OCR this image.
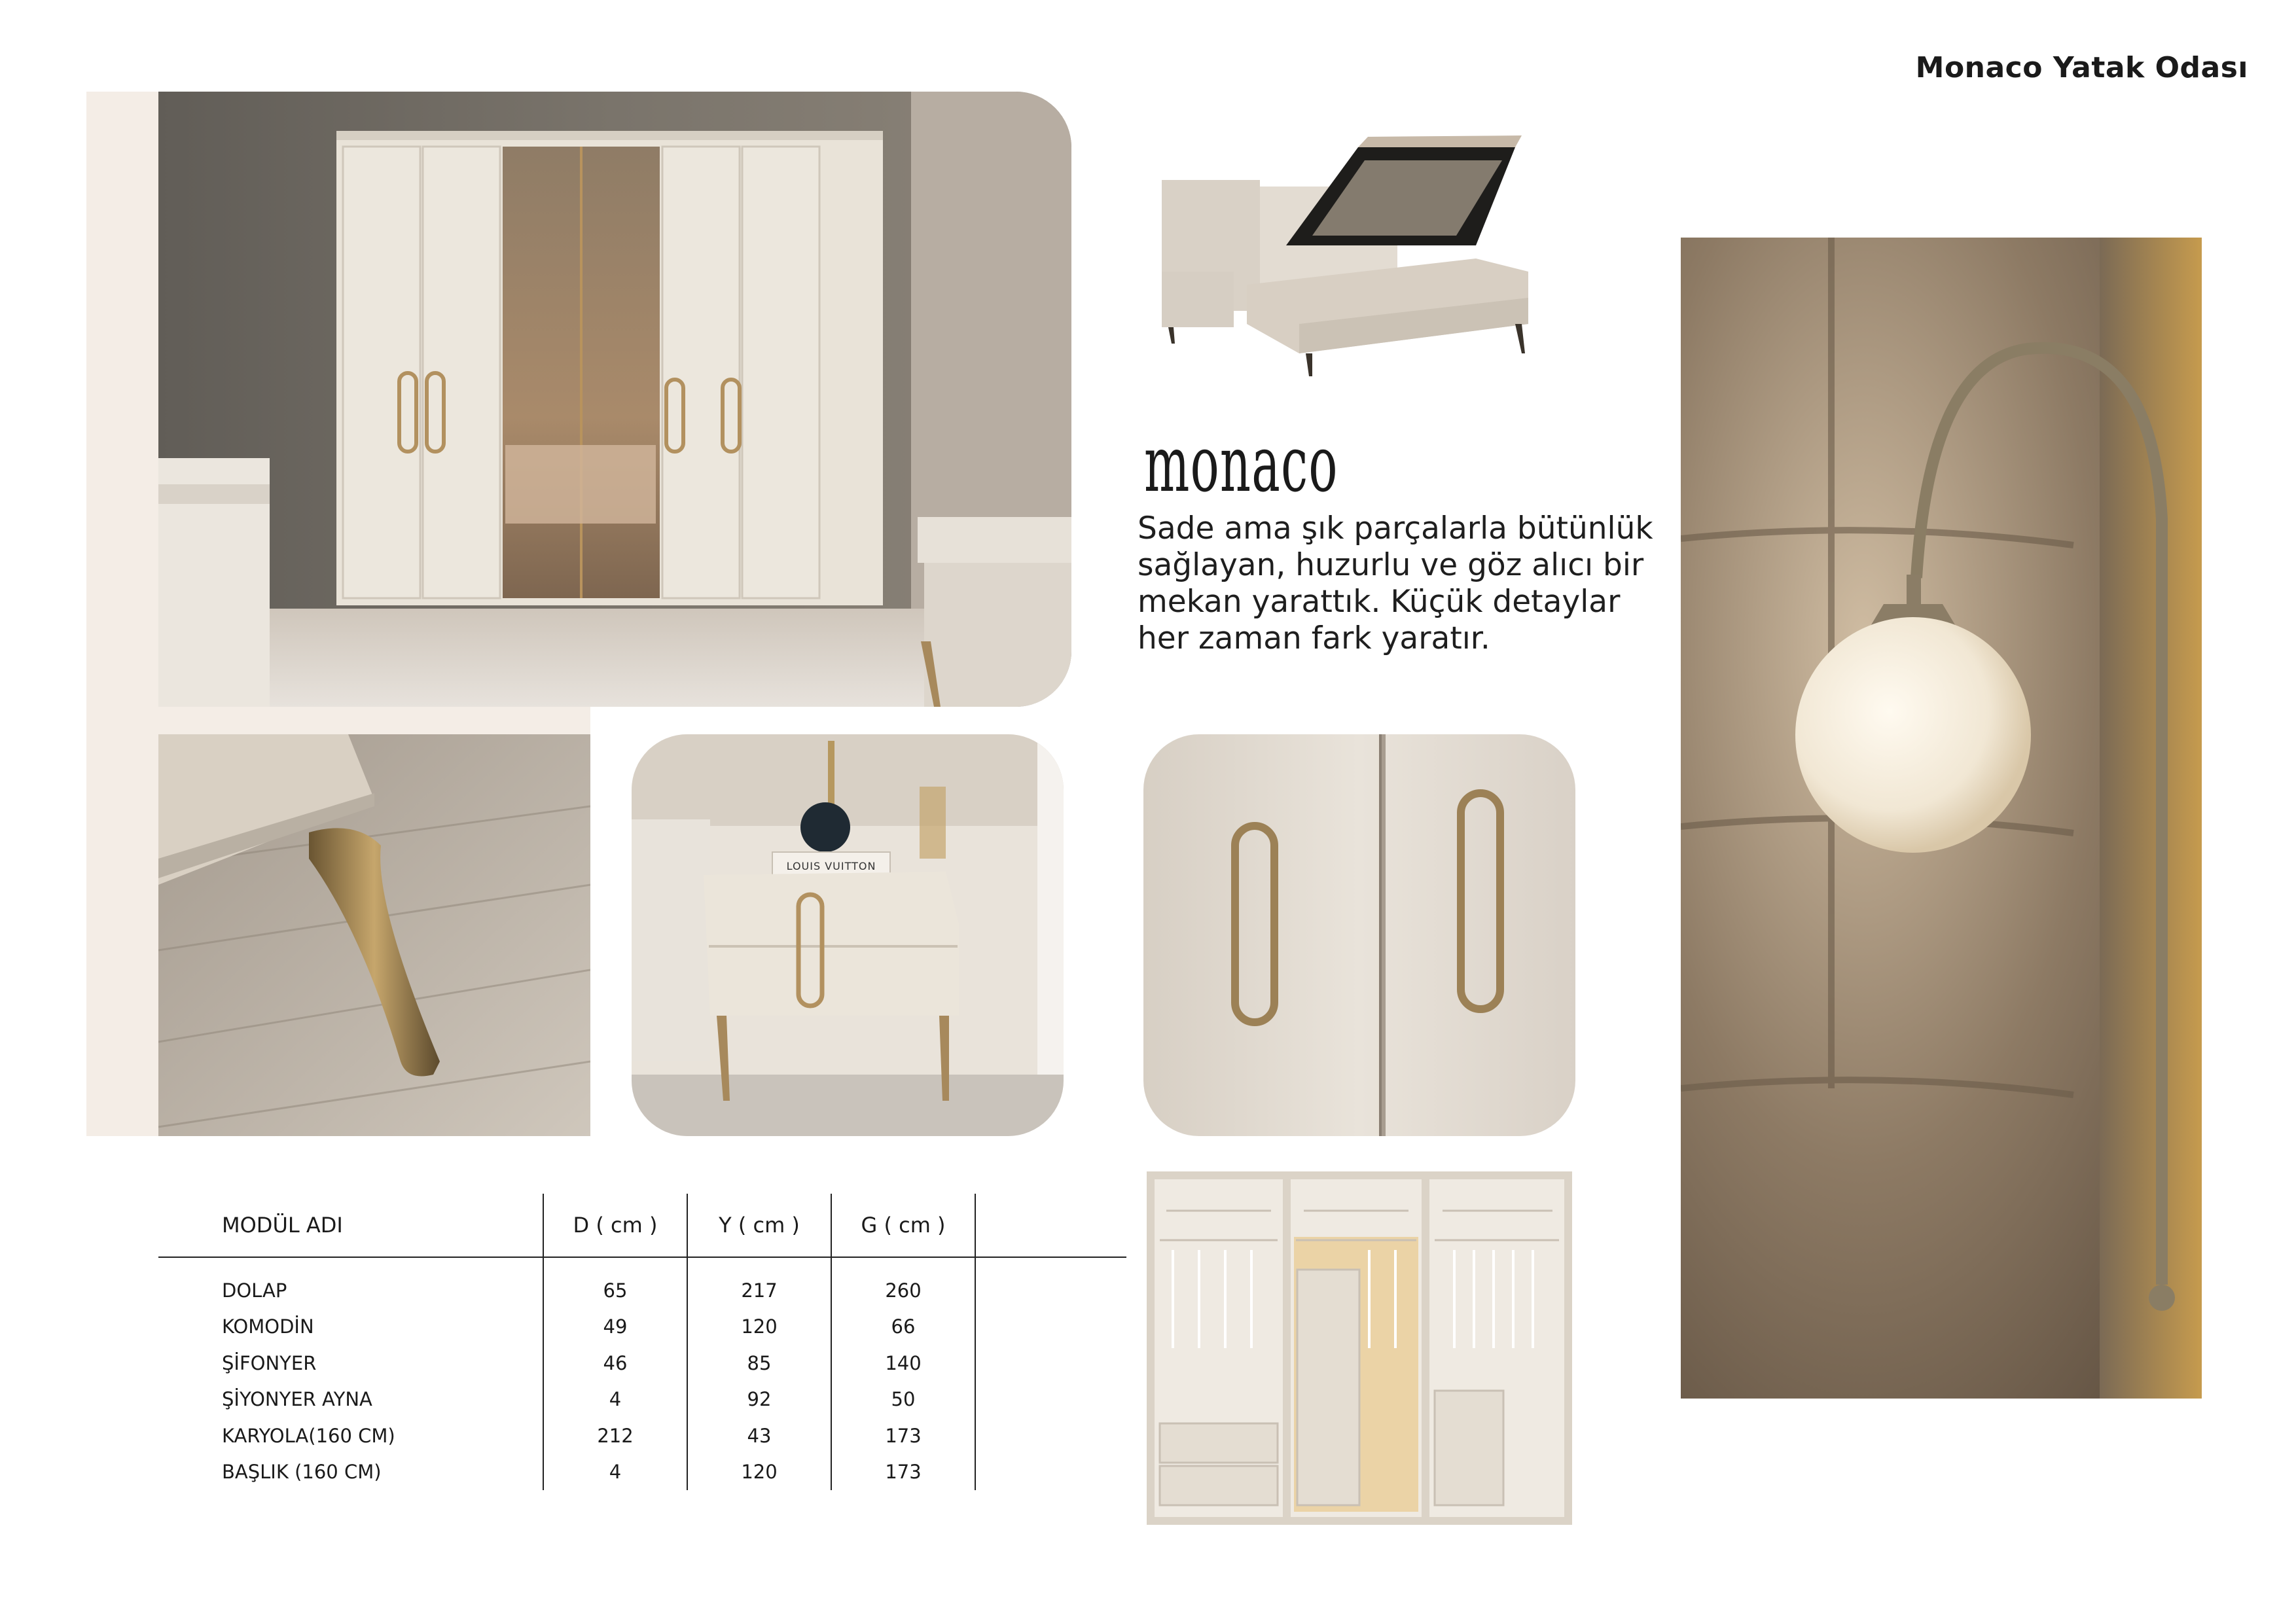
Monaco Yatak Odası
monaco
Sade ama şık parçalarla bütünlük sağlayan, huzurlu ve göz alıcı bir mekan yarattık. Küçük detaylar her zaman fark yaratır.
LOUIS VUITTON
MODÜL ADI	D ( cm )	Y ( cm )	G ( cm )	
DOLAP	65	217	260	
KOMODİN	49	120	66	
ŞİFONYER	46	85	140	
ŞİYONYER AYNA	4	92	50	
KARYOLA(160 CM)	212	43	173	
BAŞLIK (160 CM)	4	120	173	
